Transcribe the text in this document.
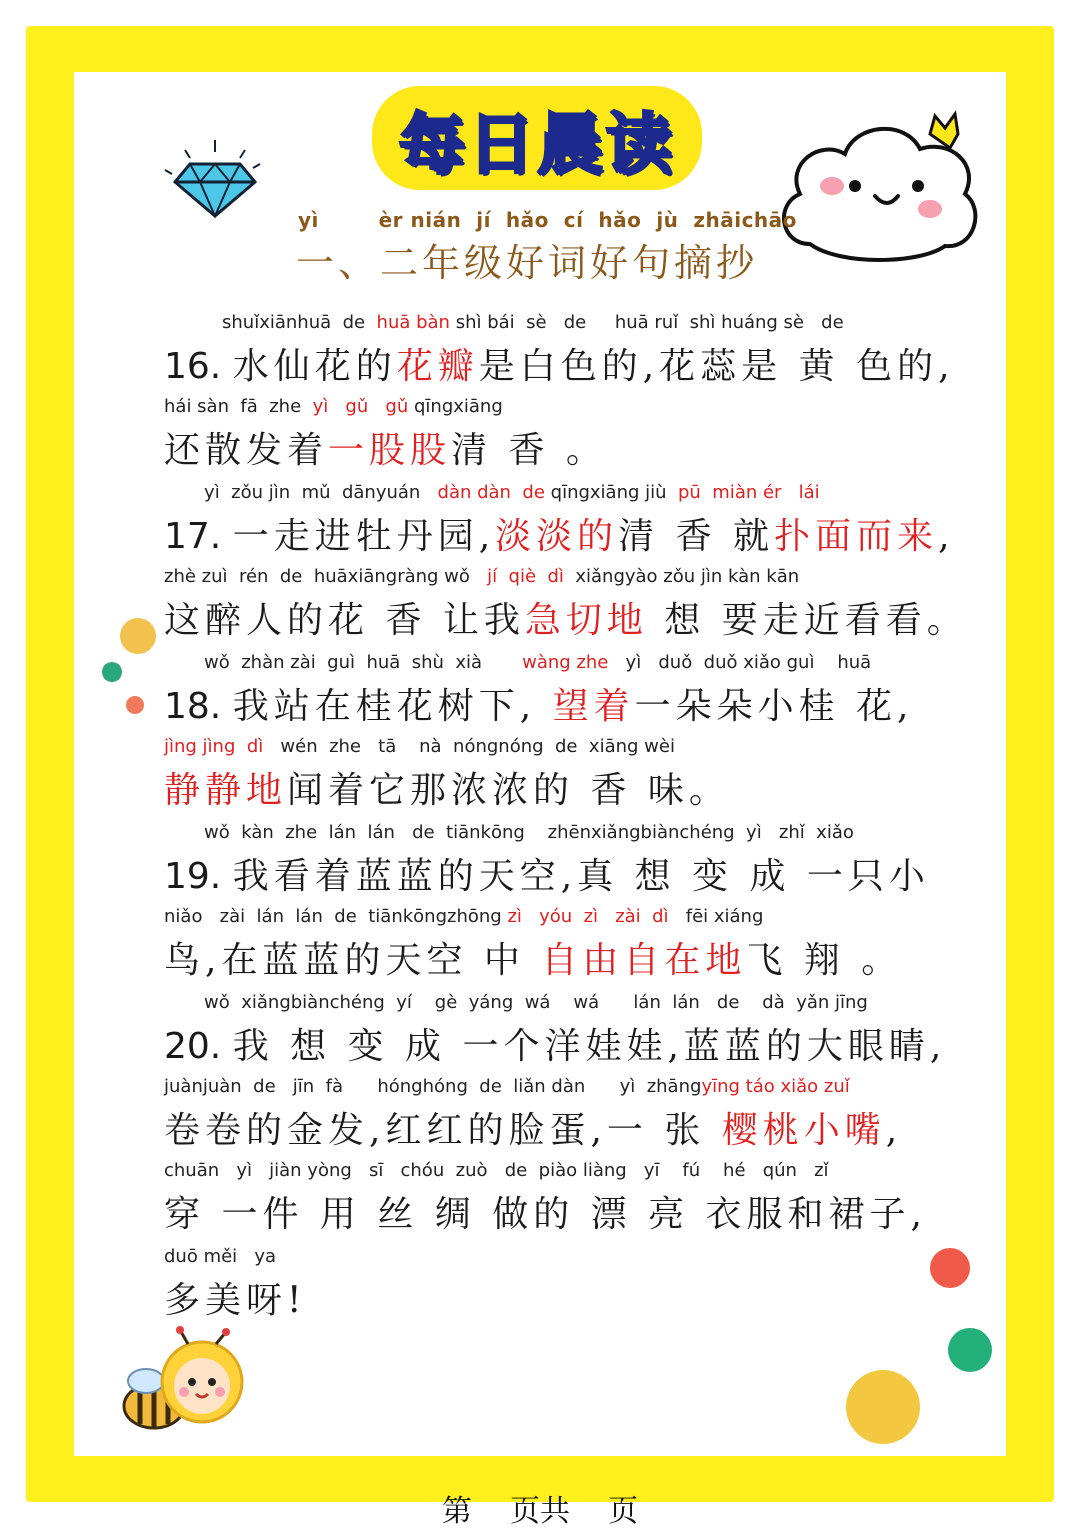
每日晨读
yì        èr nián  jí  hǎo  cí  hǎo  jù  zhāichāo
一、二年级好词好句摘抄
shuǐxiānhuā  de  huā bàn shì bái  sè   de     huā ruǐ  shì huáng sè   de
16. 水仙花的花瓣是白色的,花蕊是 黄 色的,
hái sàn  fā  zhe  yì   gǔ   gǔ qīngxiāng
还散发着一股股清 香 。
yì  zǒu jìn  mǔ  dānyuán   dàn dàn  de qīngxiāng jiù  pū  miàn ér   lái
17. 一走进牡丹园,淡淡的清 香 就扑面而来,
zhè zuì  rén  de  huāxiāngràng wǒ   jí  qiè  dì  xiǎngyào zǒu jìn kàn kān
这醉人的花 香 让我急切地 想 要走近看看。
wǒ  zhàn zài  guì  huā  shù  xià       wàng zhe   yì   duǒ  duǒ xiǎo guì    huā
18. 我站在桂花树下, 望着一朵朵小桂 花,
jìng jìng  dì   wén  zhe   tā    nà  nóngnóng  de  xiāng wèi
静静地闻着它那浓浓的 香 味。
wǒ  kàn  zhe  lán  lán   de  tiānkōng    zhēnxiǎngbiànchéng  yì   zhǐ  xiǎo
19. 我看着蓝蓝的天空,真 想 变 成 一只小
niǎo   zài  lán  lán  de  tiānkōngzhōng zì   yóu  zì   zài  dì   fēi xiáng
鸟,在蓝蓝的天空 中 自由自在地飞 翔 。
wǒ  xiǎngbiànchéng  yí    gè  yáng  wá    wá      lán  lán   de    dà  yǎn jīng
20. 我 想 变 成 一个洋娃娃,蓝蓝的大眼睛,
juànjuàn  de   jīn  fà      hónghóng  de  liǎn dàn      yì  zhāngyīng táo xiǎo zuǐ
卷卷的金发,红红的脸蛋,一 张 樱桃小嘴,
chuān   yì   jiàn yòng   sī   chóu  zuò   de  piào liàng   yī    fú    hé   qún   zǐ
穿 一件 用 丝 绸 做的 漂 亮 衣服和裙子,
duō měi   ya
多美呀!
第    页共    页
